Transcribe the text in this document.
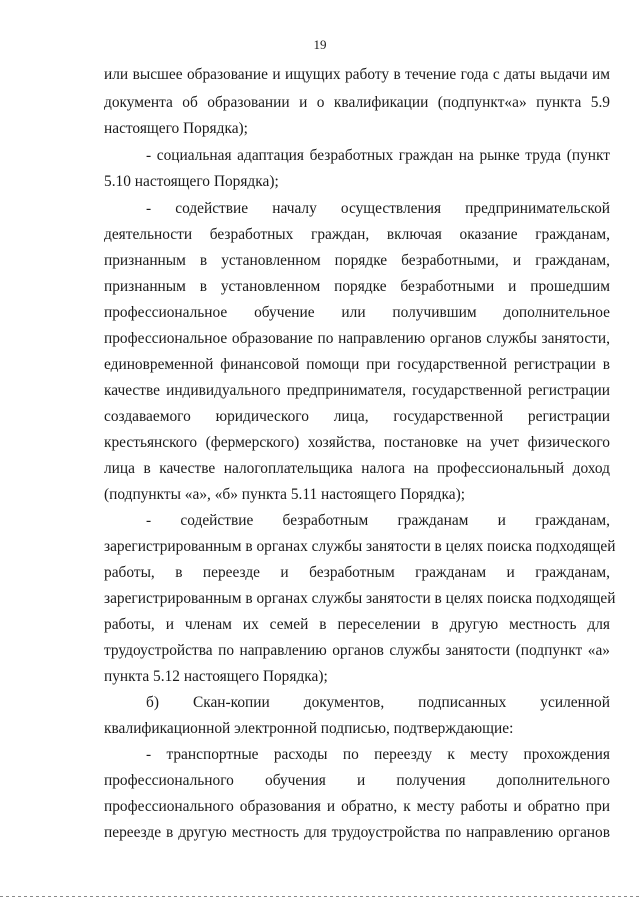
19
или высшее образование и ищущих работу в течение года с даты выдачи им
документа об образовании и о квалификации (подпункт«а» пункта 5.9
настоящего Порядка);
- социальная адаптация безработных граждан на рынке труда (пункт
5.10 настоящего Порядка);
- содействие началу осуществления предпринимательской
деятельности безработных граждан, включая оказание гражданам,
признанным в установленном порядке безработными, и гражданам,
признанным в установленном порядке безработными и прошедшим
профессиональное обучение или получившим дополнительное
профессиональное образование по направлению органов службы занятости,
единовременной финансовой помощи при государственной регистрации в
качестве индивидуального предпринимателя, государственной регистрации
создаваемого юридического лица, государственной регистрации
крестьянского (фермерского) хозяйства, постановке на учет физического
лица в качестве налогоплательщика налога на профессиональный доход
(подпункты «а», «б» пункта 5.11 настоящего Порядка);
- содействие безработным гражданам и гражданам,
зарегистрированным в органах службы занятости в целях поиска подходящей
работы, в переезде и безработным гражданам и гражданам,
зарегистрированным в органах службы занятости в целях поиска подходящей
работы, и членам их семей в переселении в другую местность для
трудоустройства по направлению органов службы занятости (подпункт «а»
пункта 5.12 настоящего Порядка);
б) Скан-копии документов, подписанных усиленной
квалификационной электронной подписью, подтверждающие:
- транспортные расходы по переезду к месту прохождения
профессионального обучения и получения дополнительного
профессионального образования и обратно, к месту работы и обратно при
переезде в другую местность для трудоустройства по направлению органов
